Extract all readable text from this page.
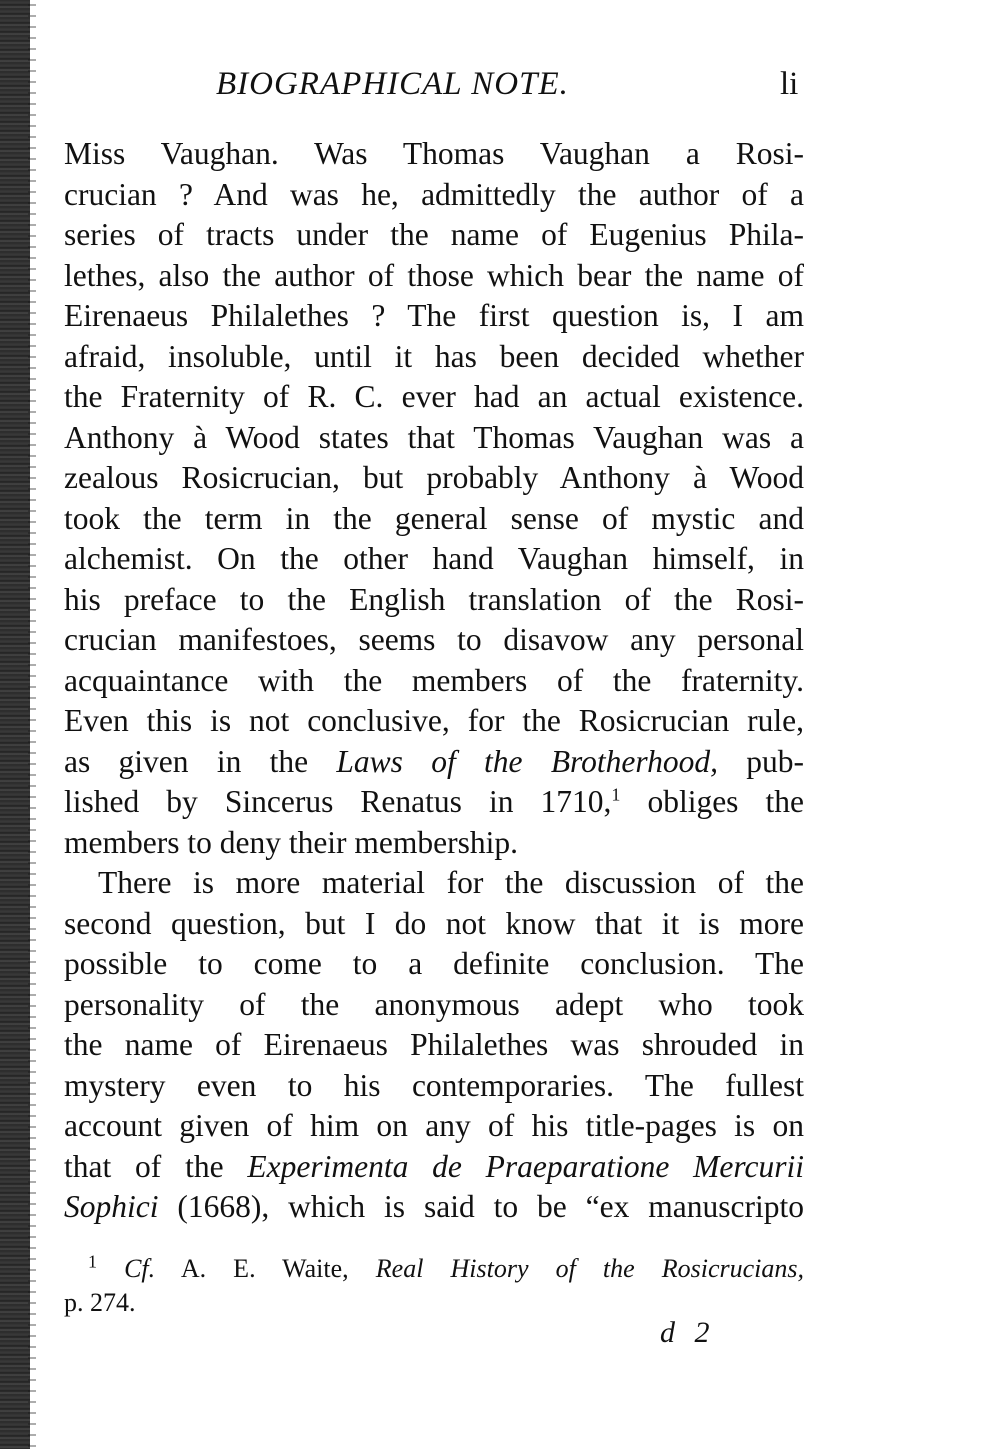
BIOGRAPHICAL NOTE.	li
Miss Vaughan. Was Thomas Vaughan a Rosi-
crucian ? And was he, admittedly the author of a
series of tracts under the name of Eugenius Phila-
lethes, also the author of those which bear the name of
Eirenaeus Philalethes ? The first question is, I am
afraid, insoluble, until it has been decided whether
the Fraternity of R. C. ever had an actual existence.
Anthony à Wood states that Thomas Vaughan was a
zealous Rosicrucian, but probably Anthony à Wood
took the term in the general sense of mystic and
alchemist. On the other hand Vaughan himself, in
his preface to the English translation of the Rosi-
crucian manifestoes, seems to disavow any personal
acquaintance with the members of the fraternity.
Even this is not conclusive, for the Rosicrucian rule,
as given in the Laws of the Brotherhood, pub-
lished by Sincerus Renatus in 1710,$^1$ obliges the
members to deny their membership.
There is more material for the discussion of the
second question, but I do not know that it is more
possible to come to a definite conclusion. The
personality of the anonymous adept who took
the name of Eirenaeus Philalethes was shrouded in
mystery even to his contemporaries. The fullest
account given of him on any of his title-pages is on
that of the Experimenta de Praeparatione Mercurii
Sophici (1668), which is said to be “ex manuscripto
$^1$ Cf. A. E. Waite, Real History of the Rosicrucians,
p. 274.
d 2
